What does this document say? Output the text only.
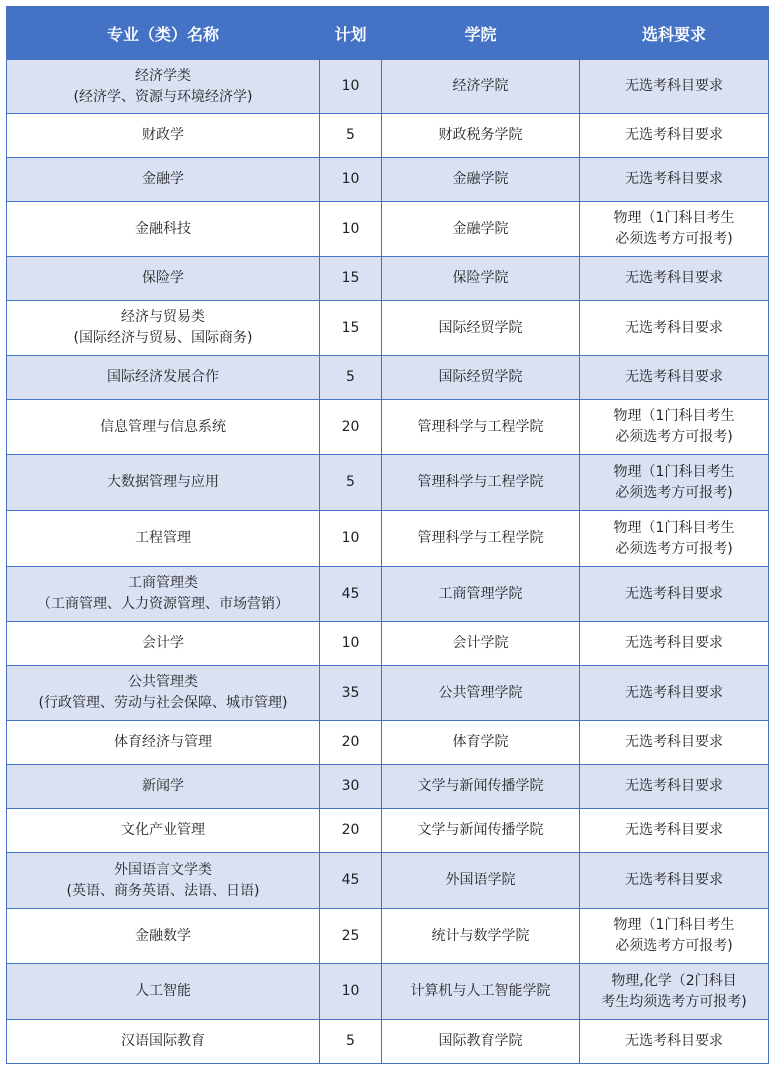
专业（类）名称	计划	学院	选科要求

经济学类
(经济学、资源与环境经济学)	10	经济学院	无选考科目要求

财政学	5	财政税务学院	无选考科目要求

金融学	10	金融学院	无选考科目要求

金融科技	10	金融学院	物理（1门科目考生
必须选考方可报考)

保险学	15	保险学院	无选考科目要求

经济与贸易类
(国际经济与贸易、国际商务)	15	国际经贸学院	无选考科目要求

国际经济发展合作	5	国际经贸学院	无选考科目要求

信息管理与信息系统	20	管理科学与工程学院	物理（1门科目考生
必须选考方可报考)

大数据管理与应用	5	管理科学与工程学院	物理（1门科目考生
必须选考方可报考)

工程管理	10	管理科学与工程学院	物理（1门科目考生
必须选考方可报考)

工商管理类
（工商管理、人力资源管理、市场营销）	45	工商管理学院	无选考科目要求

会计学	10	会计学院	无选考科目要求

公共管理类
(行政管理、劳动与社会保障、城市管理)	35	公共管理学院	无选考科目要求

体育经济与管理	20	体育学院	无选考科目要求

新闻学	30	文学与新闻传播学院	无选考科目要求

文化产业管理	20	文学与新闻传播学院	无选考科目要求

外国语言文学类
(英语、商务英语、法语、日语)	45	外国语学院	无选考科目要求

金融数学	25	统计与数学学院	物理（1门科目考生
必须选考方可报考)

人工智能	10	计算机与人工智能学院	物理,化学（2门科目
考生均须选考方可报考)

汉语国际教育	5	国际教育学院	无选考科目要求
